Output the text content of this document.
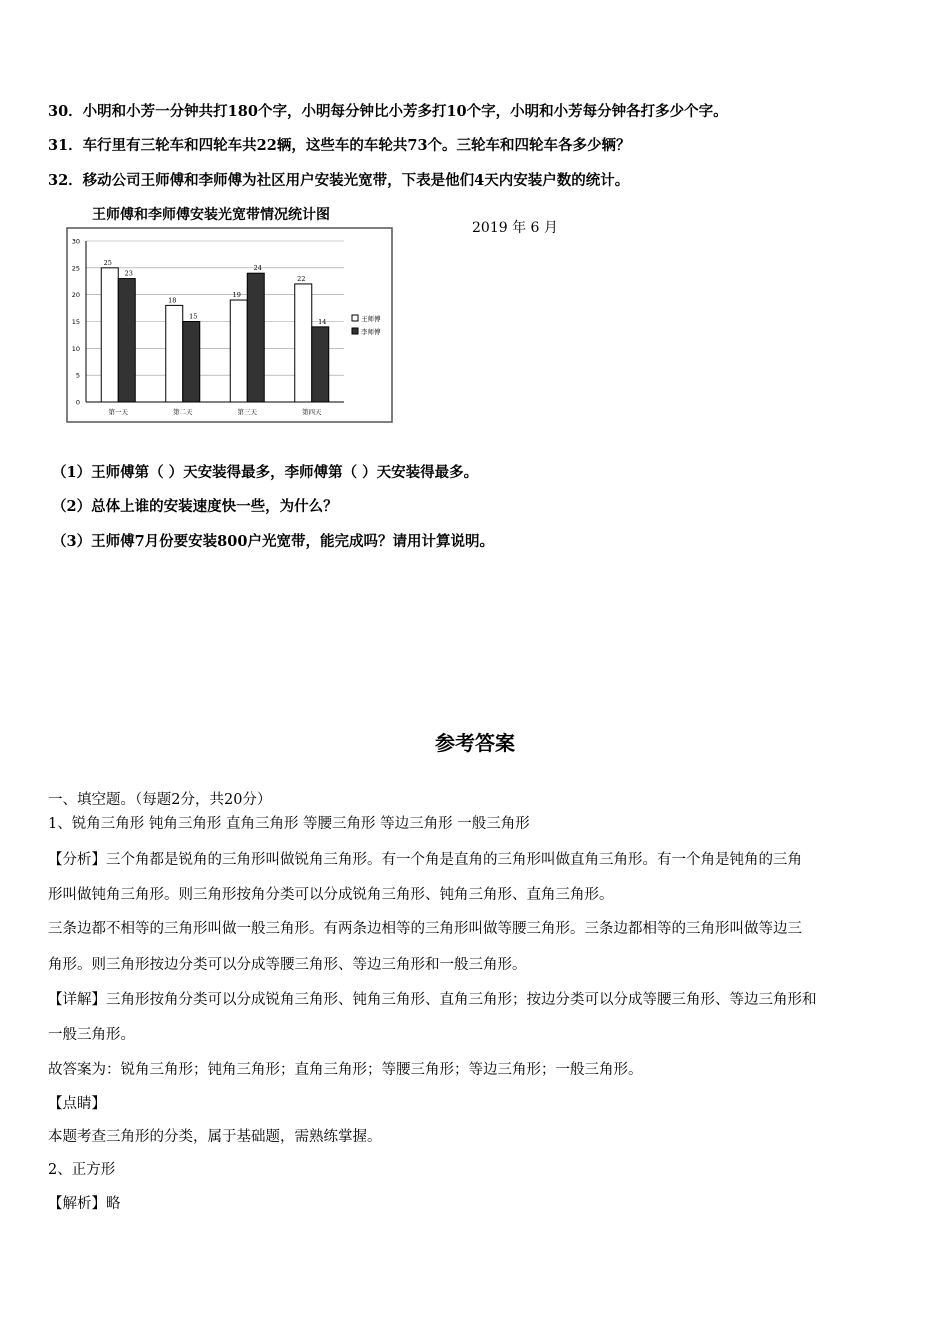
30．小明和小芳一分钟共打180个字，小明每分钟比小芳多打10个字，小明和小芳每分钟各打多少个字。
31．车行里有三轮车和四轮车共22辆，这些车的车轮共73个。三轮车和四轮车各多少辆？
32．移动公司王师傅和李师傅为社区用户安装光宽带，下表是他们4天内安装户数的统计。
王师傅和李师傅安装光宽带情况统计图
2019 年 6 月
0
5
10
15
20
25
30
25
23
18
15
19
24
22
14
第一天	第二天	第三天	第四天
王师傅
李师傅
（1）王师傅第（ ）天安装得最多，李师傅第（ ）天安装得最多。
（2）总体上谁的安装速度快一些，为什么？
（3）王师傅7月份要安装800户光宽带，能完成吗？请用计算说明。
参考答案
一、填空题。（每题2分，共20分）
1、锐角三角形 钝角三角形 直角三角形 等腰三角形 等边三角形 一般三角形
【分析】三个角都是锐角的三角形叫做锐角三角形。有一个角是直角的三角形叫做直角三角形。有一个角是钝角的三角
形叫做钝角三角形。则三角形按角分类可以分成锐角三角形、钝角三角形、直角三角形。
三条边都不相等的三角形叫做一般三角形。有两条边相等的三角形叫做等腰三角形。三条边都相等的三角形叫做等边三
角形。则三角形按边分类可以分成等腰三角形、等边三角形和一般三角形。
【详解】三角形按角分类可以分成锐角三角形、钝角三角形、直角三角形；按边分类可以分成等腰三角形、等边三角形和
一般三角形。
故答案为：锐角三角形；钝角三角形；直角三角形；等腰三角形；等边三角形；一般三角形。
【点睛】
本题考查三角形的分类，属于基础题，需熟练掌握。
2、正方形
【解析】略
